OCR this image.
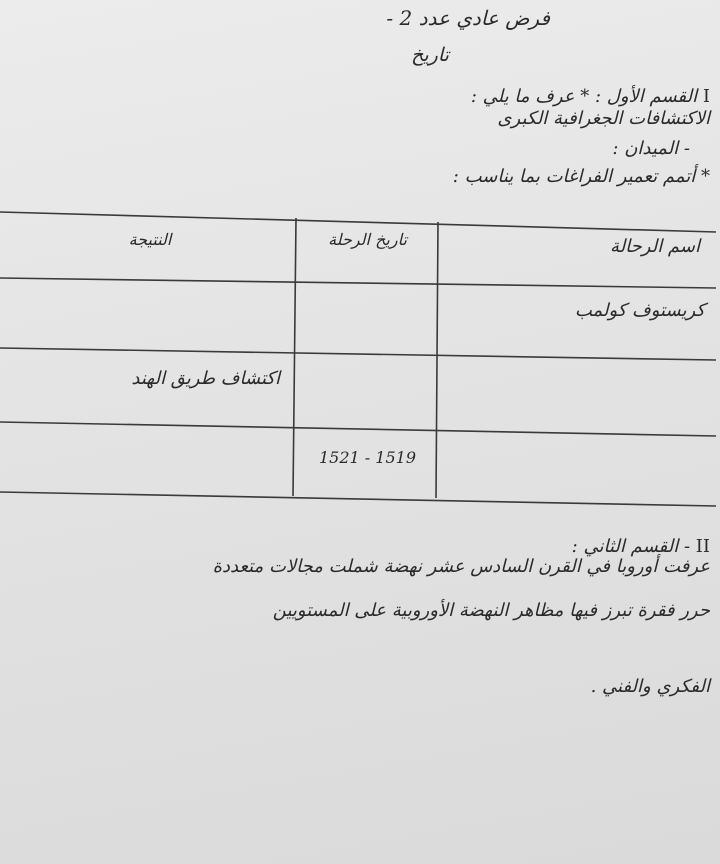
فرض عادي عدد 2 -
تاريخ
I القسم الأول : * عرف ما يلي :
الاكتشافات الجغرافية الكبرى
- الميدان :
* أتمم تعمير الفراغات بما يناسب :
اسم الرحالة
تاريخ الرحلة
النتيجة
كريستوف كولمب
اكتشاف طريق الهند
1521 - 1519
II - القسم الثاني :
عرفت أوروبا في القرن السادس عشر نهضة شملت مجالات متعددة
حرر فقرة تبرز فيها مظاهر النهضة الأوروبية على المستويين
الفكري والفني .
